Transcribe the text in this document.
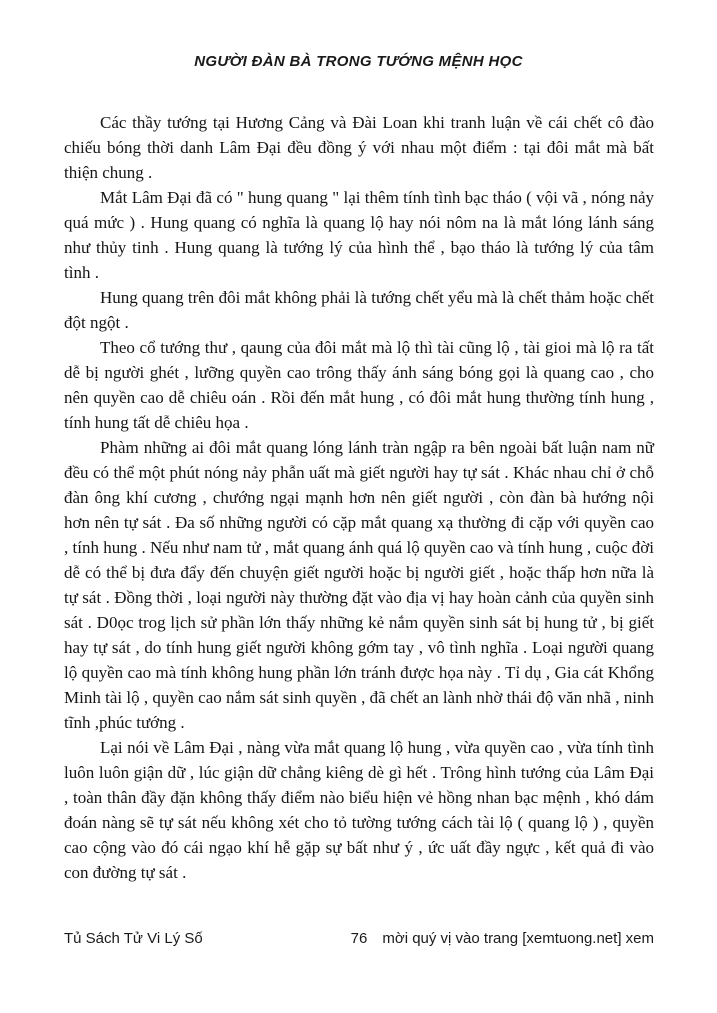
NGƯỜI ĐÀN BÀ TRONG TƯỚNG MỆNH HỌC

Các thầy tướng tại Hương Cảng và Đài Loan khi tranh luận về cái chết cô đào chiếu bóng thời danh Lâm Đại đều đồng ý với nhau một điểm : tại đôi mắt mà bất thiện chung .

Mắt Lâm Đại đã có " hung quang " lại thêm tính tình bạc tháo ( vội vã , nóng nảy quá mức ) . Hung quang có nghĩa là quang lộ hay nói nôm na là mắt lóng lánh sáng như thủy tinh . Hung quang là tướng lý của hình thể , bạo tháo là tướng lý của tâm tình .

Hung quang trên đôi mắt không phải là tướng chết yểu mà là chết thảm hoặc chết đột ngột .

Theo cổ tướng thư , qaung của đôi mắt mà lộ thì tài cũng lộ , tài gioi mà lộ ra tất dễ bị người ghét , lưỡng quyền cao trông thấy ánh sáng bóng gọi là quang cao , cho nên quyền cao dễ chiêu oán . Rồi đến mắt hung , có đôi mắt hung thường tính hung , tính hung tất dễ chiêu họa .

Phàm những ai đôi mắt quang lóng lánh tràn ngập ra bên ngoài bất luận nam nữ đều có thể một phút nóng nảy phẫn uất mà giết người hay tự sát . Khác nhau chỉ ở chỗ đàn ông khí cương , chướng ngại mạnh hơn nên giết người , còn đàn bà hướng nội hơn nên tự sát . Đa số những người có cặp mắt quang xạ thường đi cặp với quyền cao , tính hung . Nếu như nam tử , mắt quang ánh quá lộ quyền cao và tính hung , cuộc đời dễ có thể bị đưa đẩy đến chuyện giết người hoặc bị người giết , hoặc thấp hơn nữa là tự sát . Đồng thời , loại người này thường đặt vào địa vị hay hoàn cảnh của quyền sinh sát . D0ọc trog lịch sử phần lớn thấy những kẻ nắm quyền sinh sát bị hung tử , bị giết hay tự sát , do tính hung giết người không gớm tay , vô tình nghĩa . Loại người quang lộ quyền cao mà tính không hung phần lớn tránh được họa này . Tỉ dụ , Gia cát Khổng Minh tài lộ , quyền cao nắm sát sinh quyền , đã chết an lành nhờ thái độ văn nhã , ninh tĩnh ,phúc tướng .

Lại nói về Lâm Đại , nàng vừa mắt quang lộ hung , vừa quyền cao , vừa tính tình luôn luôn giận dữ , lúc giận dữ chẳng kiêng dè gì hết . Trông hình tướng của Lâm Đại , toàn thân đầy đặn không thấy điểm nào biểu hiện vẻ hồng nhan bạc mệnh , khó dám đoán nàng sẽ tự sát nếu không xét cho tỏ tường tướng cách tài lộ ( quang lộ ) , quyền cao cộng vào đó cái ngạo khí hễ gặp sự bất như ý , ức uất đầy ngực , kết quả đi vào con đường tự sát .

Tủ Sách Tử Vi Lý Số	76	mời quý vị vào trang [xemtuong.net] xem
